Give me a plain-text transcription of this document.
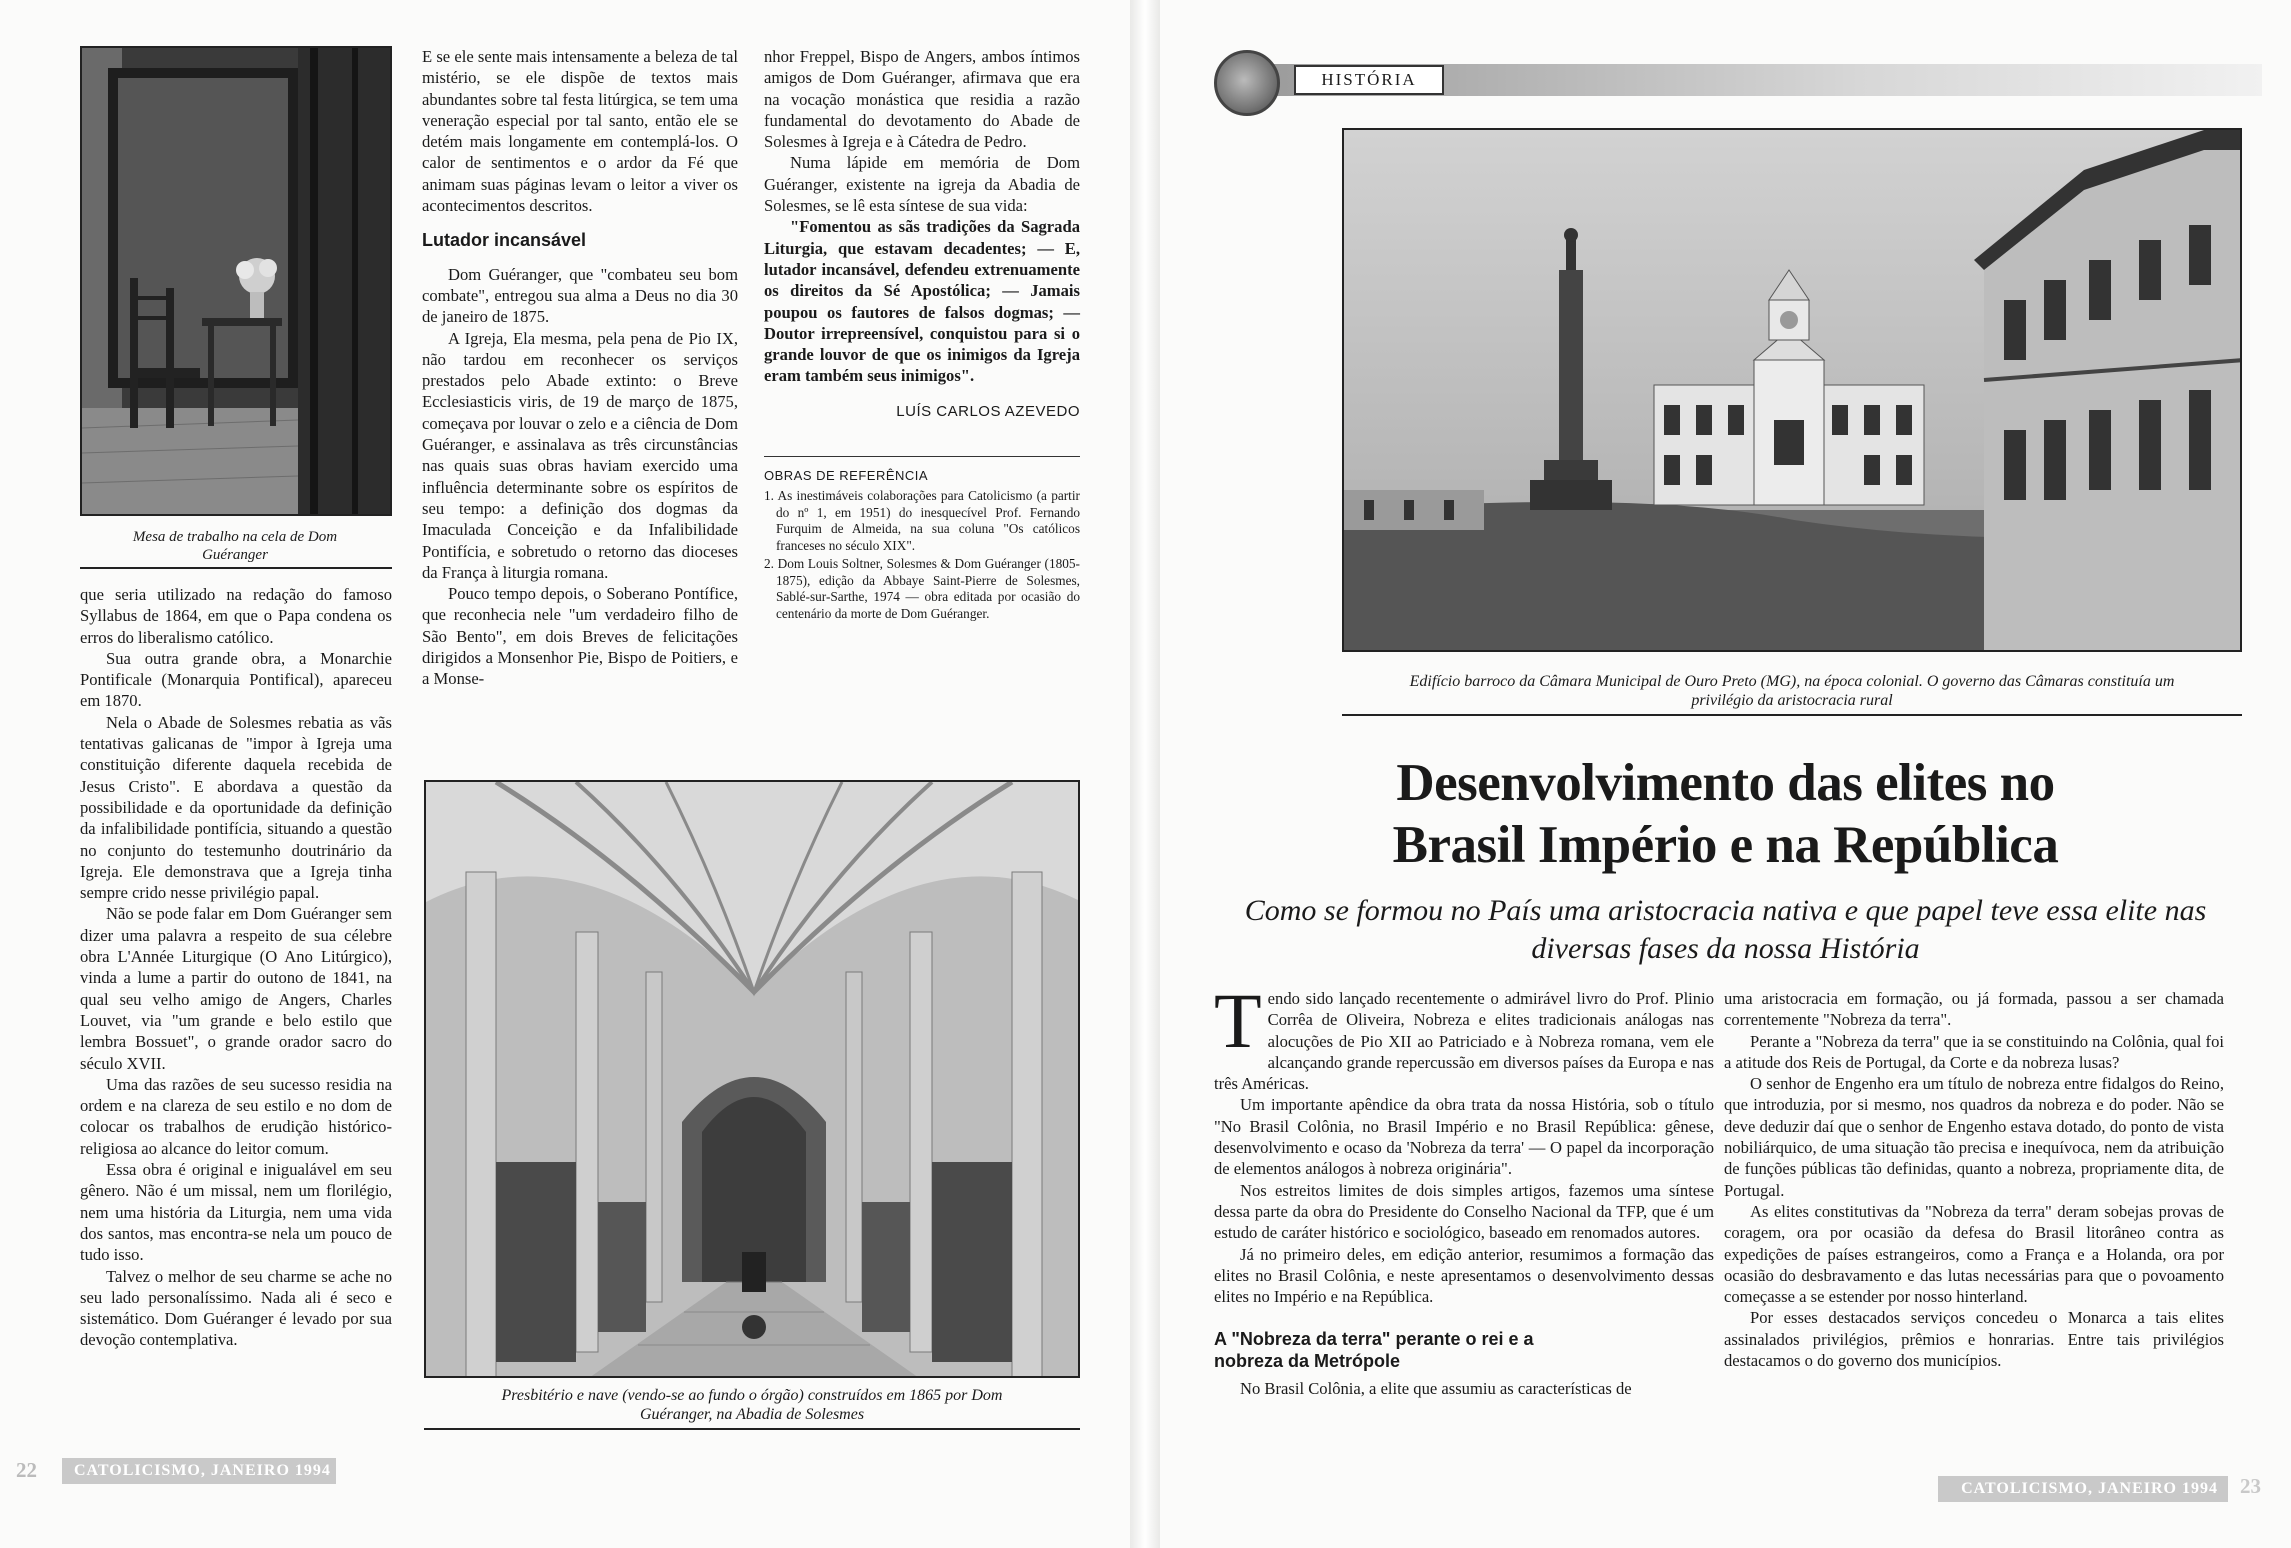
Mesa de trabalho na cela de Dom Guéranger

que seria utilizado na redação do famoso Syllabus de 1864, em que o Papa condena os erros do liberalismo católico.

Sua outra grande obra, a Monarchie Pontificale (Monarquia Pontifical), apareceu em 1870.

Nela o Abade de Solesmes rebatia as vãs tentativas galicanas de "impor à Igreja uma constituição diferente daquela recebida de Jesus Cristo". E abordava a questão da possibilidade e da oportunidade da definição da infalibilidade pontifícia, situando a questão no conjunto do testemunho doutrinário da Igreja. Ele demonstrava que a Igreja tinha sempre crido nesse privilégio papal.

Não se pode falar em Dom Guéranger sem dizer uma palavra a respeito de sua célebre obra L'Année Liturgique (O Ano Litúrgico), vinda a lume a partir do outono de 1841, na qual seu velho amigo de Angers, Charles Louvet, via "um grande e belo estilo que lembra Bossuet", o grande orador sacro do século XVII.

Uma das razões de seu sucesso residia na ordem e na clareza de seu estilo e no dom de colocar os trabalhos de erudição histórico-religiosa ao alcance do leitor comum.

Essa obra é original e inigualável em seu gênero. Não é um missal, nem um florilégio, nem uma história da Liturgia, nem uma vida dos santos, mas encontra-se nela um pouco de tudo isso.

Talvez o melhor de seu charme se ache no seu lado personalíssimo. Nada ali é seco e sistemático. Dom Guéranger é levado por sua devoção contemplativa.

E se ele sente mais intensamente a beleza de tal mistério, se ele dispõe de textos mais abundantes sobre tal festa litúrgica, se tem uma veneração especial por tal santo, então ele se detém mais longamente em contemplá-los. O calor de sentimentos e o ardor da Fé que animam suas páginas levam o leitor a viver os acontecimentos descritos.

Lutador incansável

Dom Guéranger, que "combateu seu bom combate", entregou sua alma a Deus no dia 30 de janeiro de 1875.

A Igreja, Ela mesma, pela pena de Pio IX, não tardou em reconhecer os serviços prestados pelo Abade extinto: o Breve Ecclesiasticis viris, de 19 de março de 1875, começava por louvar o zelo e a ciência de Dom Guéranger, e assinalava as três circunstâncias nas quais suas obras haviam exercido uma influência determinante sobre os espíritos de seu tempo: a definição dos dogmas da Imaculada Conceição e da Infalibilidade Pontifícia, e sobretudo o retorno das dioceses da França à liturgia romana.

Pouco tempo depois, o Soberano Pontífice, que reconhecia nele "um verdadeiro filho de São Bento", em dois Breves de felicitações dirigidos a Monsenhor Pie, Bispo de Poitiers, e a Monse-

nhor Freppel, Bispo de Angers, ambos íntimos amigos de Dom Guéranger, afirmava que era na vocação monástica que residia a razão fundamental do devotamento do Abade de Solesmes à Igreja e à Cátedra de Pedro.

Numa lápide em memória de Dom Guéranger, existente na igreja da Abadia de Solesmes, se lê esta síntese de sua vida:

"Fomentou as sãs tradições da Sagrada Liturgia, que estavam decadentes; — E, lutador incansável, defendeu extrenuamente os direitos da Sé Apostólica; — Jamais poupou os fautores de falsos dogmas; — Doutor irrepreensível, conquistou para si o grande louvor de que os inimigos da Igreja eram também seus inimigos".

LUÍS CARLOS AZEVEDO
OBRAS DE REFERÊNCIA
1. As inestimáveis colaborações para Catolicismo (a partir do nº 1, em 1951) do inesquecível Prof. Fernando Furquim de Almeida, na sua coluna "Os católicos franceses no século XIX".
2. Dom Louis Soltner, Solesmes & Dom Guéranger (1805-1875), edição da Abbaye Saint-Pierre de Solesmes, Sablé-sur-Sarthe, 1974 — obra editada por ocasião do centenário da morte de Dom Guéranger.
Presbitério e nave (vendo-se ao fundo o órgão) construídos em 1865 por Dom Guéranger, na Abadia de Solesmes
22	CATOLICISMO, JANEIRO 1994
HISTÓRIA
Edifício barroco da Câmara Municipal de Ouro Preto (MG), na época colonial. O governo das Câmaras constituía um privilégio da aristocracia rural
Desenvolvimento das elites no Brasil Império e na República
Como se formou no País uma aristocracia nativa e que papel teve essa elite nas diversas fases da nossa História

Tendo sido lançado recentemente o admirável livro do Prof. Plinio Corrêa de Oliveira, Nobreza e elites tradicionais análogas nas alocuções de Pio XII ao Patriciado e à Nobreza romana, vem ele alcançando grande repercussão em diversos países da Europa e nas três Américas.

Um importante apêndice da obra trata da nossa História, sob o título "No Brasil Colônia, no Brasil Império e no Brasil República: gênese, desenvolvimento e ocaso da 'Nobreza da terra' — O papel da incorporação de elementos análogos à nobreza originária".

Nos estreitos limites de dois simples artigos, fazemos uma síntese dessa parte da obra do Presidente do Conselho Nacional da TFP, que é um estudo de caráter histórico e sociológico, baseado em renomados autores.

Já no primeiro deles, em edição anterior, resumimos a formação das elites no Brasil Colônia, e neste apresentamos o desenvolvimento dessas elites no Império e na República.

A "Nobreza da terra" perante o rei e a nobreza da Metrópole

No Brasil Colônia, a elite que assumiu as características de

uma aristocracia em formação, ou já formada, passou a ser chamada correntemente "Nobreza da terra".

Perante a "Nobreza da terra" que ia se constituindo na Colônia, qual foi a atitude dos Reis de Portugal, da Corte e da nobreza lusas?

O senhor de Engenho era um título de nobreza entre fidalgos do Reino, que introduzia, por si mesmo, nos quadros da nobreza e do poder. Não se deve deduzir daí que o senhor de Engenho estava dotado, do ponto de vista nobiliárquico, de uma situação tão precisa e inequívoca, nem da atribuição de funções públicas tão definidas, quanto a nobreza, propriamente dita, de Portugal.

As elites constitutivas da "Nobreza da terra" deram sobejas provas de coragem, ora por ocasião da defesa do Brasil litorâneo contra as expedições de países estrangeiros, como a França e a Holanda, ora por ocasião do desbravamento e das lutas necessárias para que o povoamento começasse a se estender por nosso hinterland.

Por esses destacados serviços concedeu o Monarca a tais elites assinalados privilégios, prêmios e honrarias. Entre tais privilégios destacamos o do governo dos municípios.

CATOLICISMO, JANEIRO 1994	23
